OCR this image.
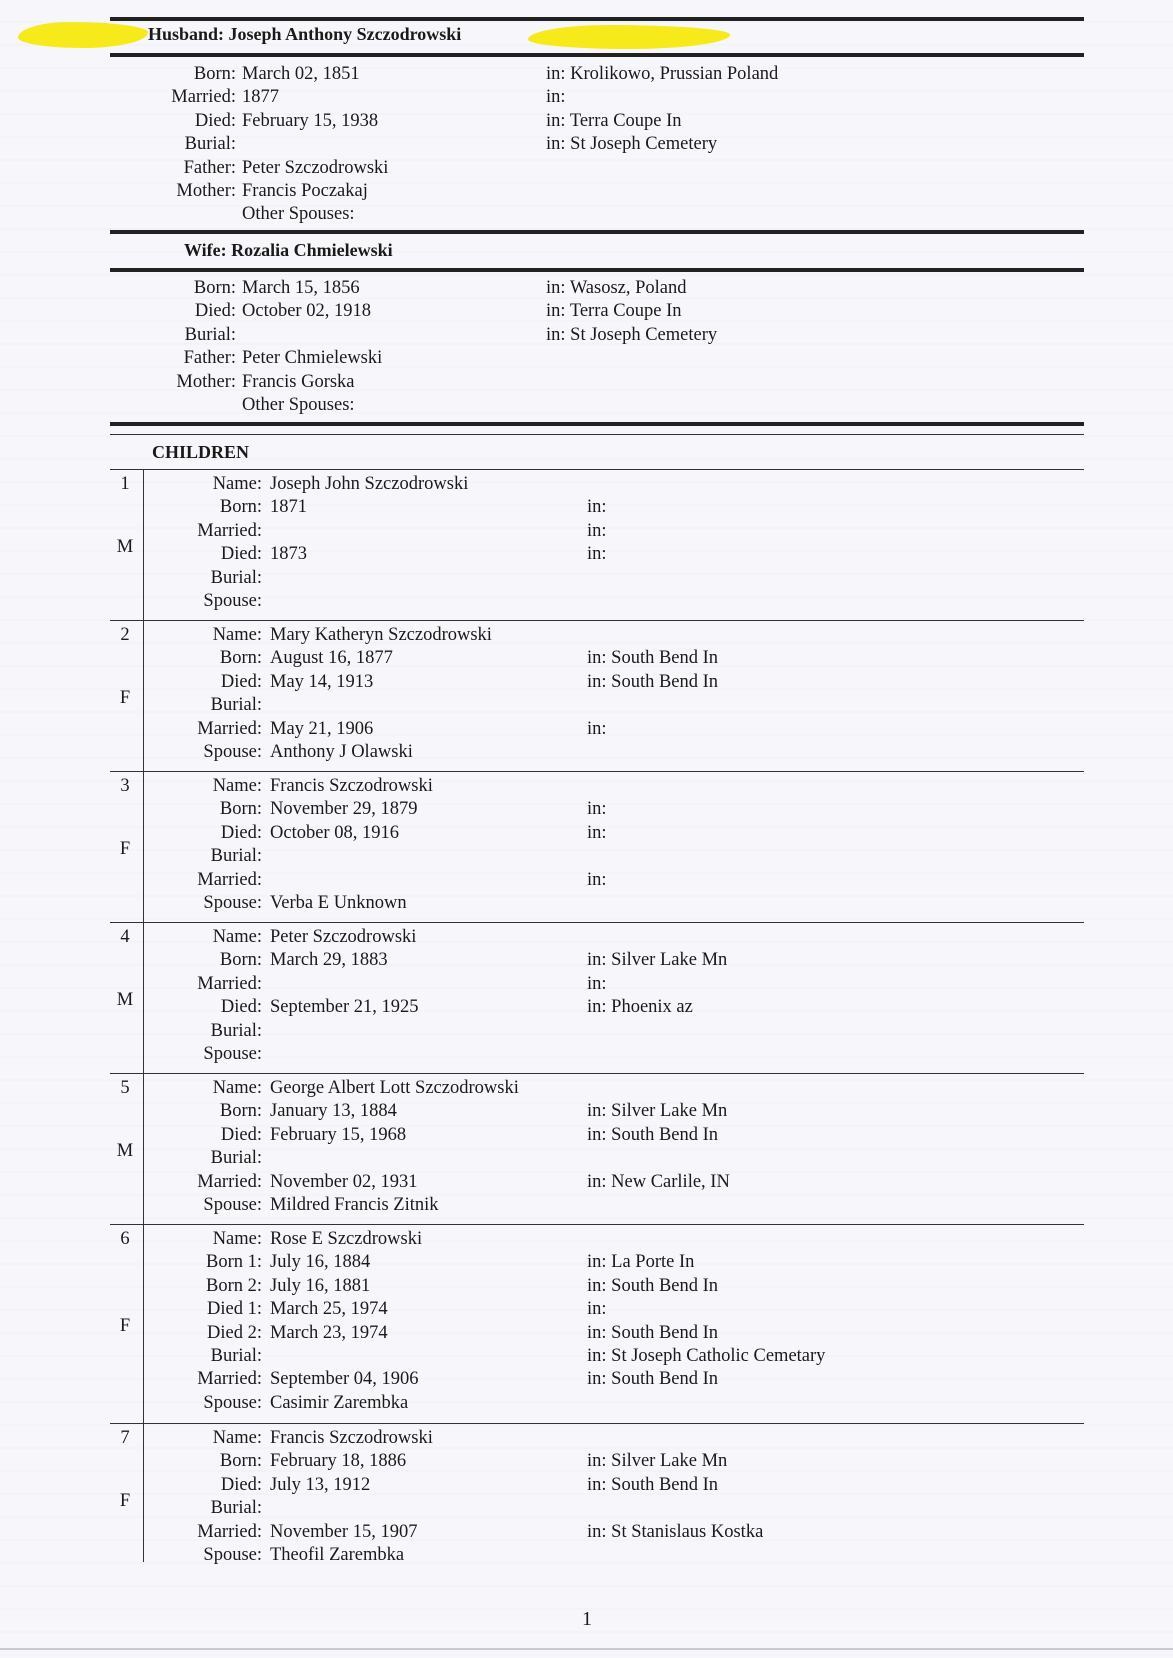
Husband: Joseph Anthony Szczodrowski
Born: March 02, 1851	in: Krolikowo, Prussian Poland
Married: 1877	in:
Died: February 15, 1938	in: Terra Coupe In
Burial:	in: St Joseph Cemetery
Father: Peter Szczodrowski
Mother: Francis Poczakaj
Other Spouses:
Wife: Rozalia Chmielewski
Born: March 15, 1856	in: Wasosz, Poland
Died: October 02, 1918	in: Terra Coupe In
Burial:	in: St Joseph Cemetery
Father: Peter Chmielewski
Mother: Francis Gorska
Other Spouses:
CHILDREN
1
M
Name: Joseph John Szczodrowski
Born: 1871	in:
Married:	in:
Died: 1873	in:
Burial:
Spouse:
2
F
Name: Mary Katheryn Szczodrowski
Born: August 16, 1877	in: South Bend In
Died: May 14, 1913	in: South Bend In
Burial:
Married: May 21, 1906	in:
Spouse: Anthony J Olawski
3
F
Name: Francis Szczodrowski
Born: November 29, 1879	in:
Died: October 08, 1916	in:
Burial:
Married:	in:
Spouse: Verba E Unknown
4
M
Name: Peter Szczodrowski
Born: March 29, 1883	in: Silver Lake Mn
Married:	in:
Died: September 21, 1925	in: Phoenix az
Burial:
Spouse:
5
M
Name: George Albert Lott Szczodrowski
Born: January 13, 1884	in: Silver Lake Mn
Died: February 15, 1968	in: South Bend In
Burial:
Married: November 02, 1931	in: New Carlile, IN
Spouse: Mildred Francis Zitnik
6
F
Name: Rose E Szczdrowski
Born 1: July 16, 1884	in: La Porte In
Born 2: July 16, 1881	in: South Bend In
Died 1: March 25, 1974	in:
Died 2: March 23, 1974	in: South Bend In
Burial:	in: St Joseph Catholic Cemetary
Married: September 04, 1906	in: South Bend In
Spouse: Casimir Zarembka
7
F
Name: Francis Szczodrowski
Born: February 18, 1886	in: Silver Lake Mn
Died: July 13, 1912	in: South Bend In
Burial:
Married: November 15, 1907	in: St Stanislaus Kostka
Spouse: Theofil Zarembka
1
